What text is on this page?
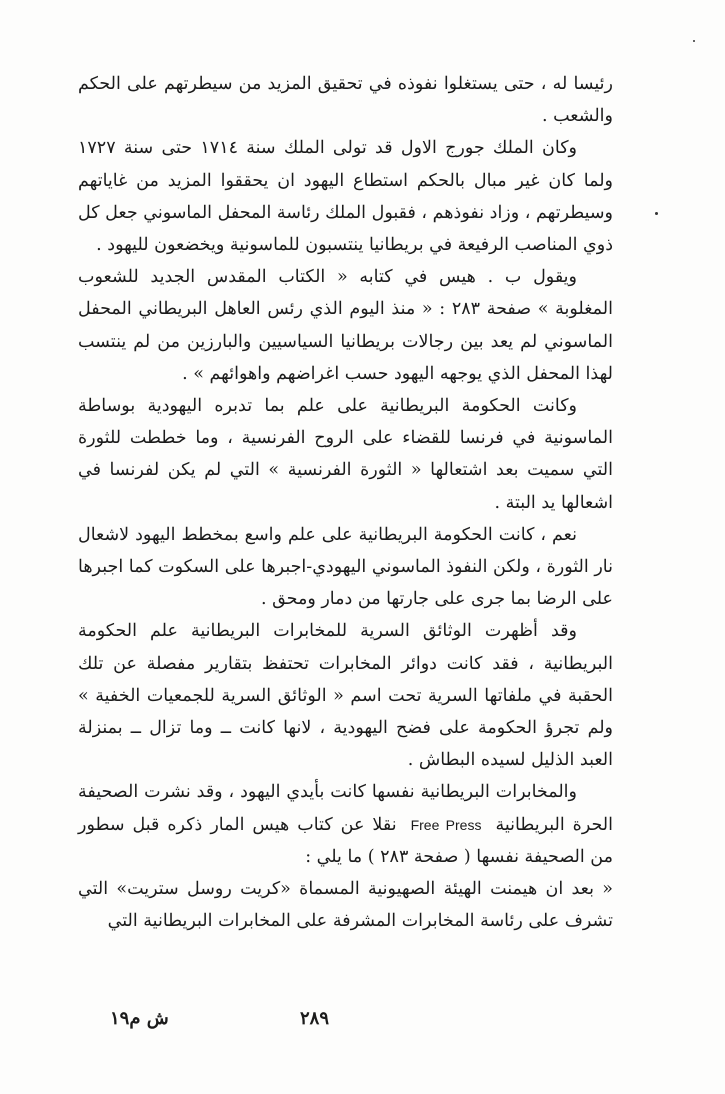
رئيسا له ، حتى يستغلوا نفوذه في تحقيق المزيد من سيطرتهم على الحكم والشعب .

وكان الملك جورج الاول قد تولى الملك سنة ١٧١٤ حتى سنة ١٧٢٧ ولما كان غير مبال بالحكم استطاع اليهود ان يحققوا المزيد من غاياتهم وسيطرتهم ، وزاد نفوذهم ، فقبول الملك رئاسة المحفل الماسوني جعل كل ذوي المناصب الرفيعة في بريطانيا ينتسبون للماسونية ويخضعون لليهود .

ويقول ب . هيس في كتابه « الكتاب المقدس الجديد للشعوب المغلوبة » صفحة ٢٨٣ : « منذ اليوم الذي رئس العاهل البريطاني المحفل الماسوني لم يعد بين رجالات بريطانيا السياسيين والبارزين من لم ينتسب لهذا المحفل الذي يوجهه اليهود حسب اغراضهم واهوائهم » .

وكانت الحكومة البريطانية على علم بما تدبره اليهودية بوساطة الماسونية في فرنسا للقضاء على الروح الفرنسية ، وما خططت للثورة التي سميت بعد اشتعالها « الثورة الفرنسية » التي لم يكن لفرنسا في اشعالها يد البتة .

نعم ، كانت الحكومة البريطانية على علم واسع بمخطط اليهود لاشعال نار الثورة ، ولكن النفوذ الماسوني اليهودي-اجبرها على السكوت كما اجبرها على الرضا بما جرى على جارتها من دمار ومحق .

وقد أظهرت الوثائق السرية للمخابرات البريطانية علم الحكومة البريطانية ، فقد كانت دوائر المخابرات تحتفظ بتقارير مفصلة عن تلك الحقبة في ملفاتها السرية تحت اسم « الوثائق السرية للجمعيات الخفية » ولم تجرؤ الحكومة على فضح اليهودية ، لانها كانت ــ وما تزال ــ بمنزلة العبد الذليل لسيده البطاش .

والمخابرات البريطانية نفسها كانت بأيدي اليهود ، وقد نشرت الصحيفة الحرة البريطانيةFree Pressنقلا عن كتاب هيس المار ذكره قبل سطور من الصحيفة نفسها ( صفحة ٢٨٣ ) ما يلي :

« بعد ان هيمنت الهيئة الصهيونية المسماة «كريت روسل ستريت» التي تشرف على رئاسة المخابرات المشرفة على المخابرات البريطانية التي

ش م١٩	٢٨٩
